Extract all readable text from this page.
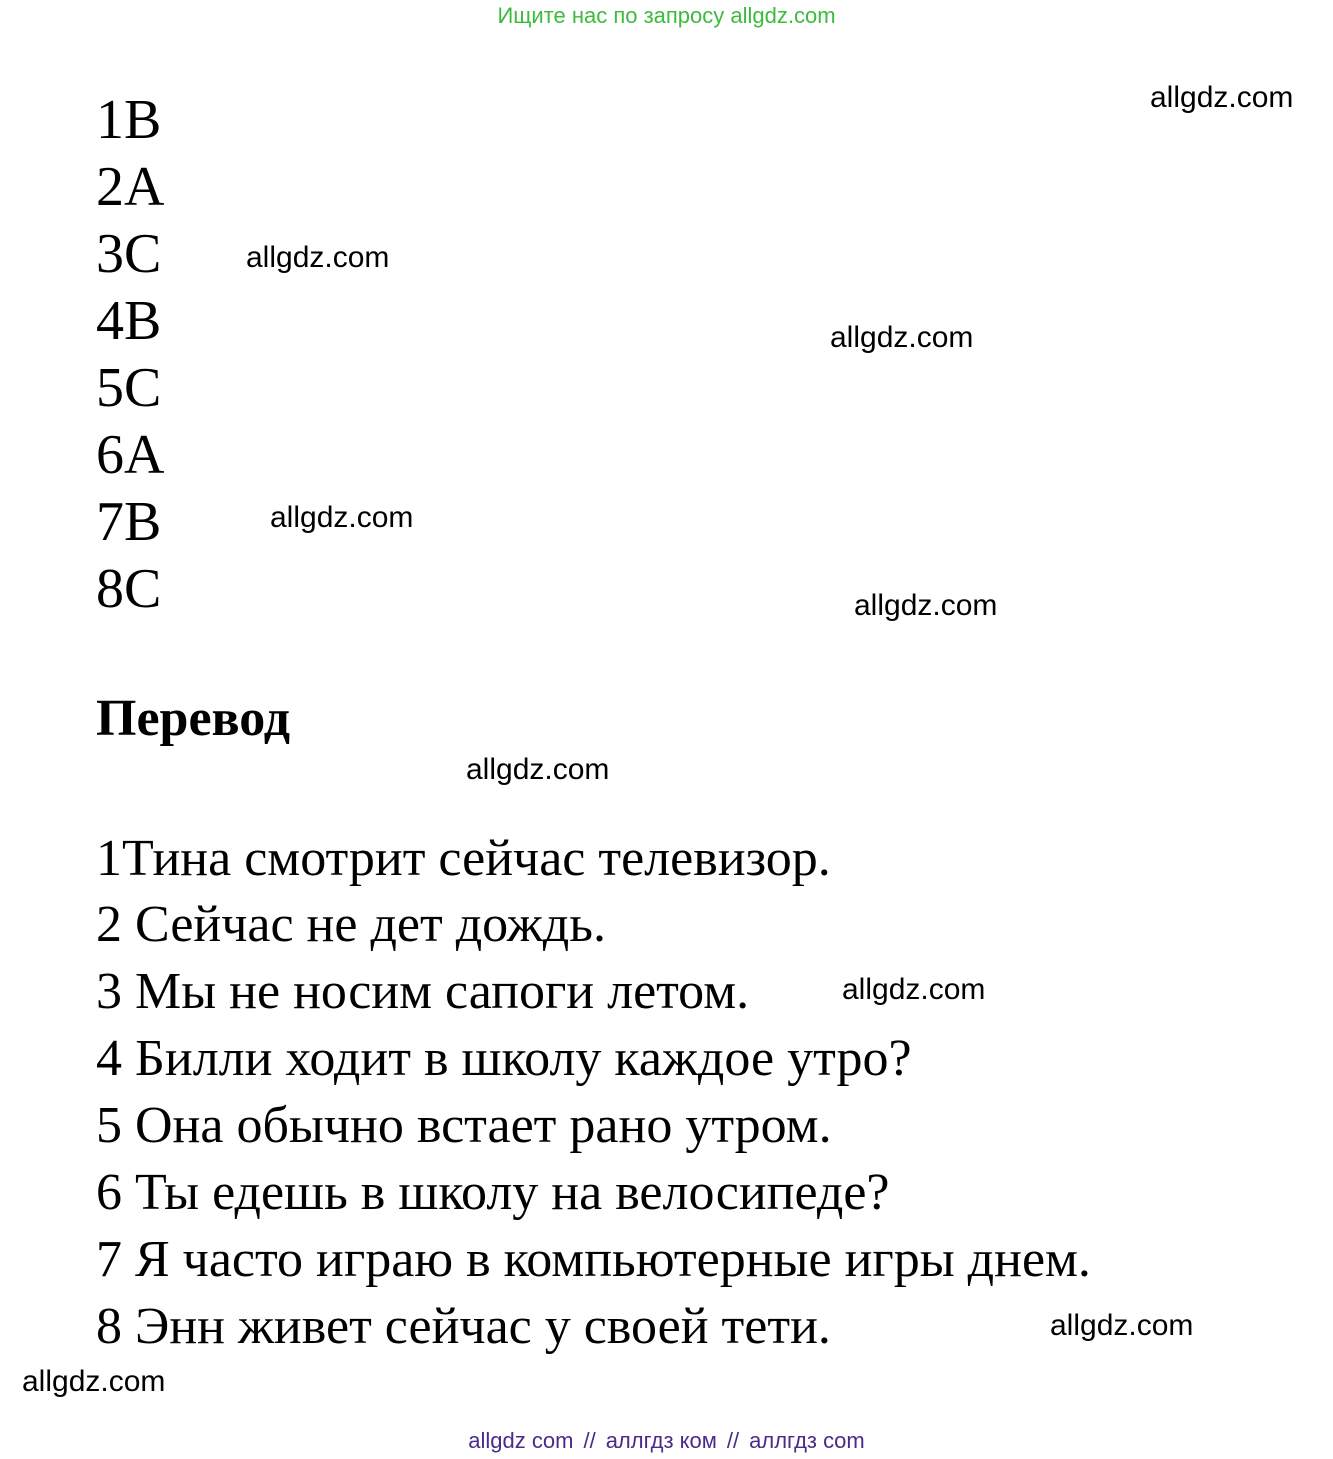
Ищите нас по запросу allgdz.com
1B
2A
3C
4B
5C
6A
7B
8C
Перевод
1Тина смотрит сейчас телевизор.
2 Сейчас не дет дождь.
3 Мы не носим сапоги летом.
4 Билли ходит в школу каждое утро?
5 Она обычно встает рано утром.
6 Ты едешь в школу на велосипеде?
7 Я часто играю в компьютерные игры днем.
8 Энн живет сейчас у своей тети.
allgdz.com
allgdz.com
allgdz.com
allgdz.com
allgdz.com
allgdz.com
allgdz.com
allgdz.com
allgdz.com
allgdz com // аллгдз ком // аллгдз com
